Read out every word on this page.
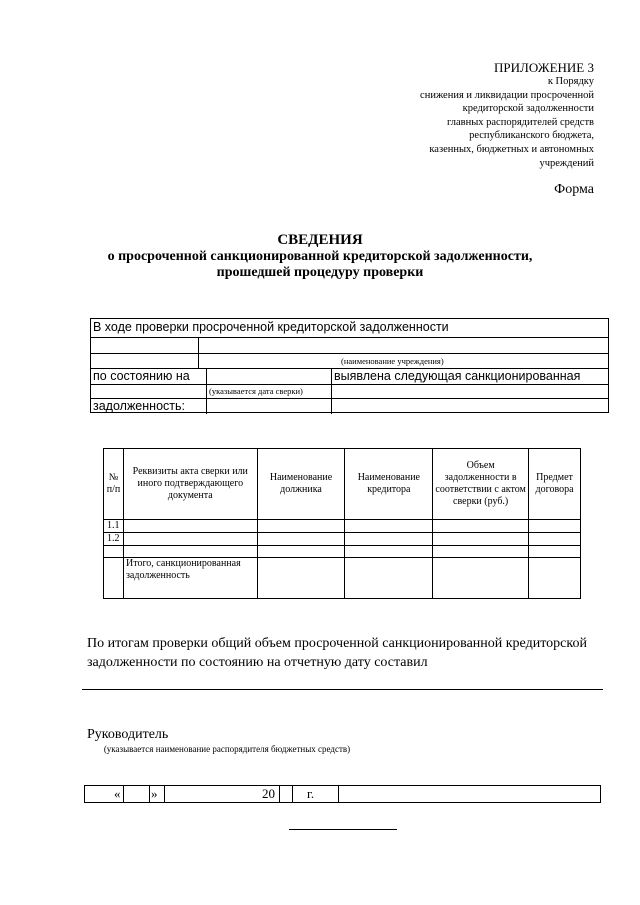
ПРИЛОЖЕНИЕ 3
к Порядку
снижения и ликвидации просроченной
кредиторской задолженности
главных распорядителей средств
республиканского бюджета,
казенных, бюджетных и автономных
учреждений
Форма
СВЕДЕНИЯ
о просроченной санкционированной кредиторской задолженности,
прошедшей процедуру проверки
В ходе проверки просроченной кредиторской задолженности
(наименование учреждения)
по состоянию на	выявлена следующая санкционированная
(указывается дата сверки)
задолженность:
№ п/п	Реквизиты акта сверки или иного подтверждающего документа	Наименование должника	Наименование кредитора	Объем задолженности в соответствии с актом сверки (руб.)	Предмет договора
1.1					
1.2					

	Итого, санкционированная задолженность				
По итогам проверки общий объем просроченной санкционированной кредиторской задолженности по состоянию на отчетную дату составил
Руководитель
(указывается наименование распорядителя бюджетных средств)
« »	20 г.
